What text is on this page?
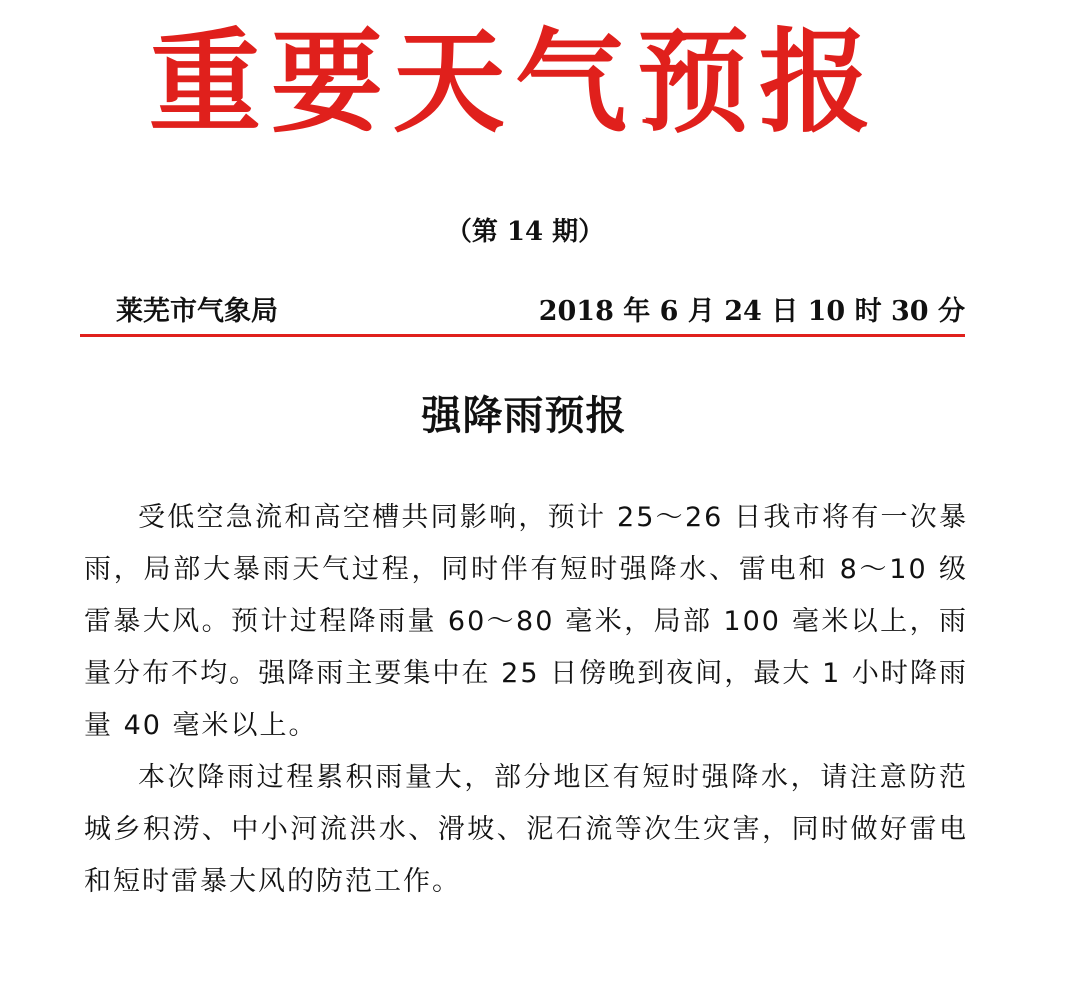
重要天气预报
（第 14 期）
莱芜市气象局	2018 年 6 月 24 日 10 时 30 分
强降雨预报

受低空急流和高空槽共同影响，预计 25～26 日我市将有一次暴雨，局部大暴雨天气过程，同时伴有短时强降水、雷电和 8～10 级雷暴大风。预计过程降雨量 60～80 毫米，局部 100 毫米以上，雨量分布不均。强降雨主要集中在 25 日傍晚到夜间，最大 1 小时降雨量 40 毫米以上。

本次降雨过程累积雨量大，部分地区有短时强降水，请注意防范城乡积涝、中小河流洪水、滑坡、泥石流等次生灾害，同时做好雷电和短时雷暴大风的防范工作。
